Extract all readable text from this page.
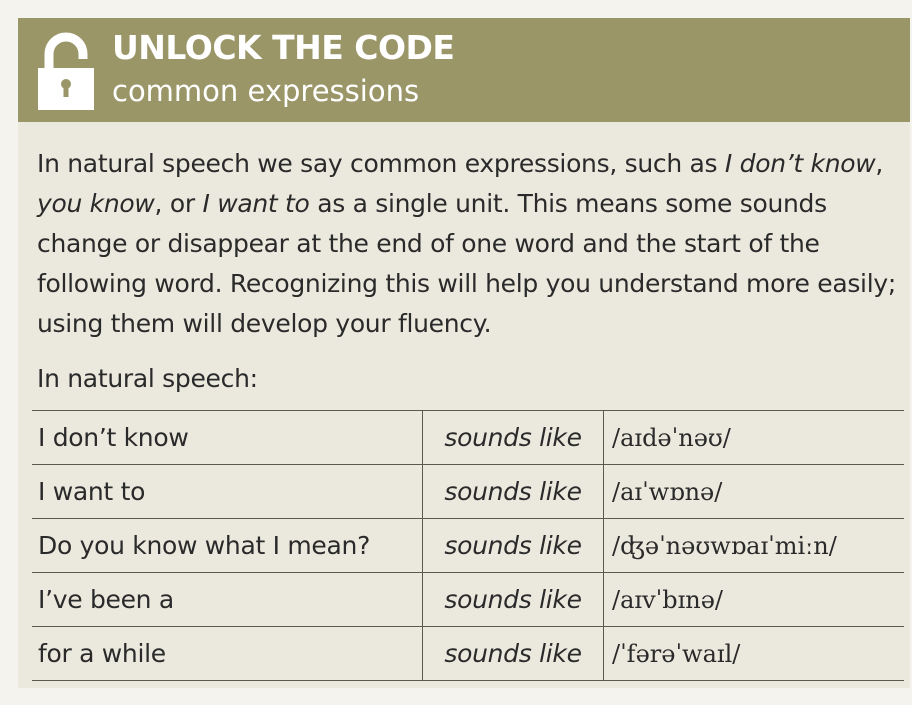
UNLOCK THE CODE
common expressions
In natural speech we say common expressions, such as I don’t know, you know, or I want to as a single unit. This means some sounds change or disappear at the end of one word and the start of the following word. Recognizing this will help you understand more easily; using them will develop your fluency.
In natural speech:
I don’t know	sounds like	/aɪdəˈnəʊ/
I want to	sounds like	/aɪˈwɒnə/
Do you know what I mean?	sounds like	/ʤəˈnəʊwɒaɪˈmiːn/
I’ve been a	sounds like	/aɪvˈbɪnə/
for a while	sounds like	/ˈfərəˈwaɪl/
